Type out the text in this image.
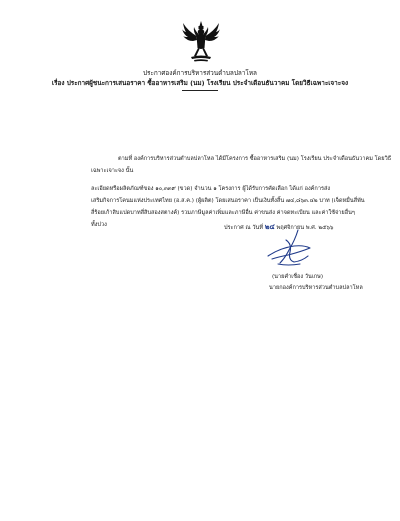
ประกาศองค์การบริหารส่วนตำบลปลาโหล
เรื่อง ประกาศผู้ชนะการเสนอราคา ซื้ออาหารเสริม (นม) โรงเรียน ประจำเดือนธันวาคม โดยวิธีเฉพาะเจาะจง
ตามที่ องค์การบริหารส่วนตำบลปลาโหล ได้มีโครงการ ซื้ออาหารเสริม (นม) โรงเรียน ประจำเดือนธันวาคม โดยวิธี
เฉพาะเจาะจง นั้น
ละเอียดหรือผลิตภัณฑ์ของ ๑๐,๓๓๙ (ขวด) จำนวน ๑ โครงการ ผู้ได้รับการคัดเลือก ได้แก่ องค์การส่ง
เสริมกิจการโคนมแห่งประเทศไทย (อ.ส.ค.) (ผู้ผลิต) โดยเสนอราคา เป็นเงินทั้งสิ้น ๗๔,๘๖๓.๔๒ บาท (เจ็ดหมื่นสี่พัน
สี่ร้อยเก้าสิบแปดบาทสี่สิบสองสตางค์) รวมภาษีมูลค่าเพิ่มและภาษีอื่น ค่าขนส่ง ค่าจดทะเบียน และค่าใช้จ่ายอื่นๆ
ทั้งปวง	ประกาศ ณ วันที่ ๒๔ พฤศจิกายน พ.ศ. ๒๕๖๖
(นายคำเชื่อง วันเกษ)
นายกองค์การบริหารส่วนตำบลปลาโหล
